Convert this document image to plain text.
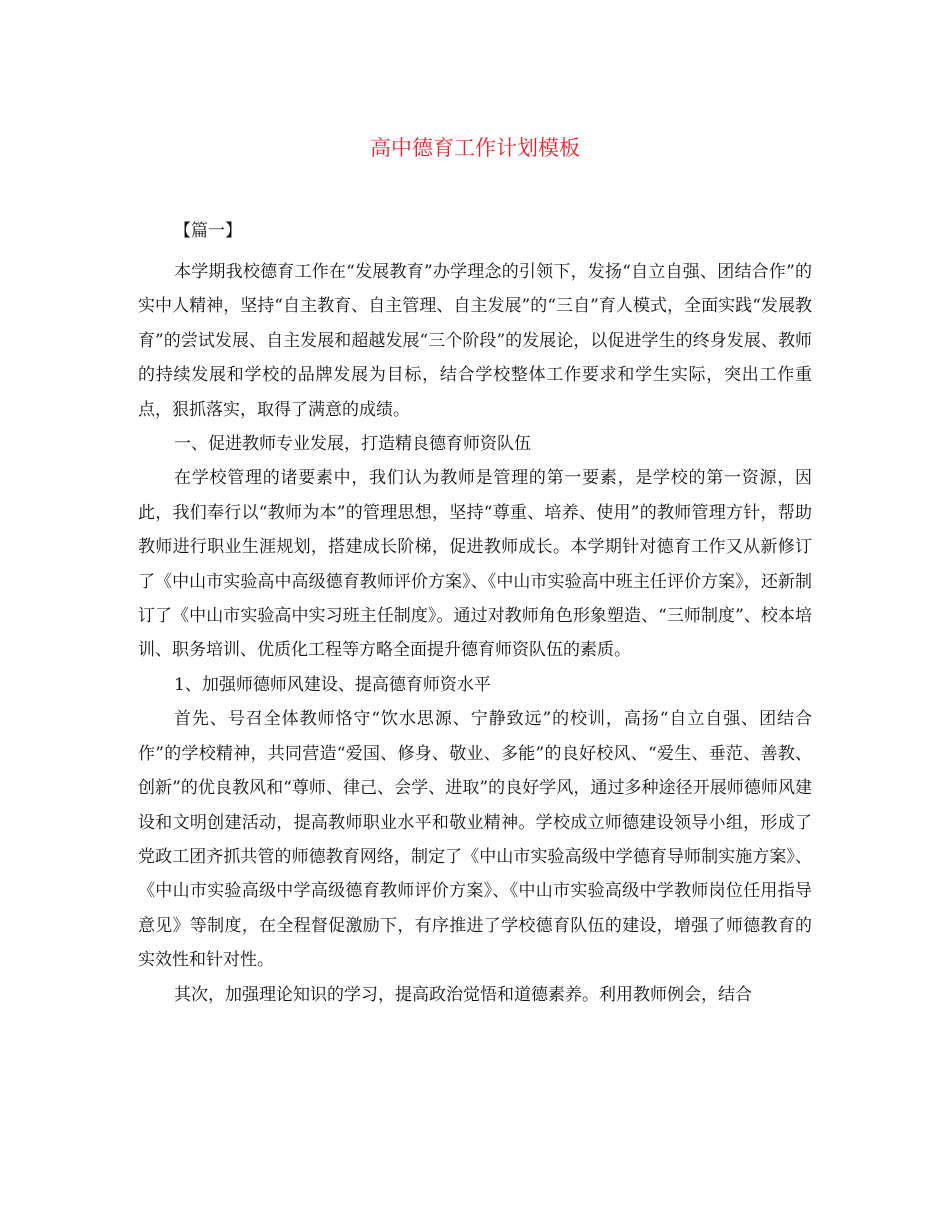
高中德育工作计划模板
【篇一】

本学期我校德育工作在“发展教育”办学理念的引领下，发扬“自立自强、团结合作”的实中人精神，坚持“自主教育、自主管理、自主发展”的“三自”育人模式，全面实践“发展教育”的尝试发展、自主发展和超越发展“三个阶段”的发展论，以促进学生的终身发展、教师的持续发展和学校的品牌发展为目标，结合学校整体工作要求和学生实际，突出工作重点，狠抓落实，取得了满意的成绩。

一、促进教师专业发展，打造精良德育师资队伍

在学校管理的诸要素中，我们认为教师是管理的第一要素，是学校的第一资源，因此，我们奉行以“教师为本”的管理思想，坚持“尊重、培养、使用”的教师管理方针，帮助教师进行职业生涯规划，搭建成长阶梯，促进教师成长。本学期针对德育工作又从新修订了《中山市实验高中高级德育教师评价方案》、《中山市实验高中班主任评价方案》，还新制订了《中山市实验高中实习班主任制度》。通过对教师角色形象塑造、“三师制度”、校本培训、职务培训、优质化工程等方略全面提升德育师资队伍的素质。

1、加强师德师风建设、提高德育师资水平

首先、号召全体教师恪守“饮水思源、宁静致远”的校训，高扬“自立自强、团结合作”的学校精神，共同营造“爱国、修身、敬业、多能”的良好校风、“爱生、垂范、善教、创新”的优良教风和“尊师、律己、会学、进取”的良好学风，通过多种途径开展师德师风建设和文明创建活动，提高教师职业水平和敬业精神。学校成立师德建设领导小组，形成了党政工团齐抓共管的师德教育网络，制定了《中山市实验高级中学德育导师制实施方案》、《中山市实验高级中学高级德育教师评价方案》、《中山市实验高级中学教师岗位任用指导意见》等制度，在全程督促激励下，有序推进了学校德育队伍的建设，增强了师德教育的实效性和针对性。

其次，加强理论知识的学习，提高政治觉悟和道德素养。利用教师例会，结合
